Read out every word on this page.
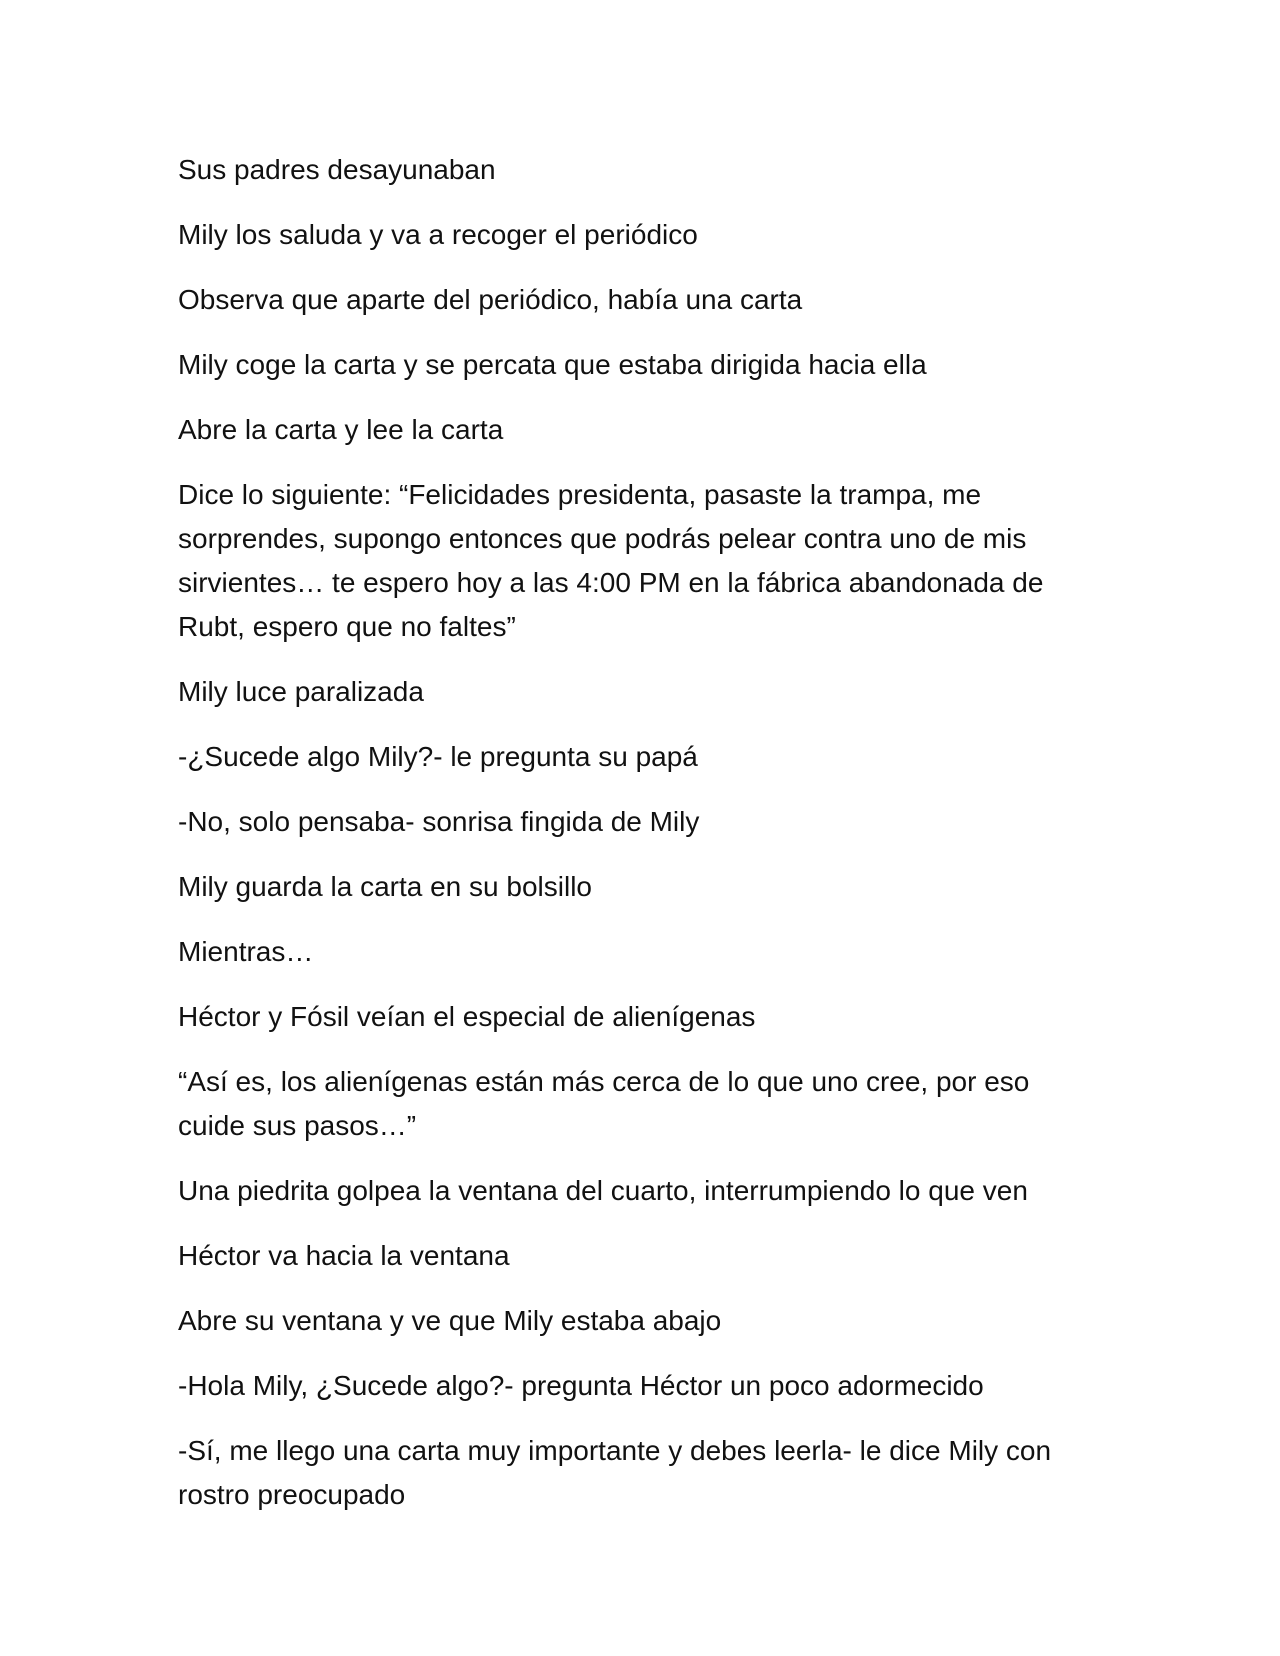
Sus padres desayunaban

Mily los saluda y va a recoger el periódico

Observa que aparte del periódico, había una carta

Mily coge la carta y se percata que estaba dirigida hacia ella

Abre la carta y lee la carta

Dice lo siguiente: “Felicidades presidenta, pasaste la trampa, me sorprendes, supongo entonces que podrás pelear contra uno de mis sirvientes… te espero hoy a las 4:00 PM en la fábrica abandonada de Rubt, espero que no faltes”

Mily luce paralizada

-¿Sucede algo Mily?- le pregunta su papá

-No, solo pensaba- sonrisa fingida de Mily

Mily guarda la carta en su bolsillo

Mientras…

Héctor y Fósil veían el especial de alienígenas

“Así es, los alienígenas están más cerca de lo que uno cree, por eso cuide sus pasos…”

Una piedrita golpea la ventana del cuarto, interrumpiendo lo que ven

Héctor va hacia la ventana

Abre su ventana y ve que Mily estaba abajo

-Hola Mily, ¿Sucede algo?- pregunta Héctor un poco adormecido

-Sí, me llego una carta muy importante y debes leerla- le dice Mily con rostro preocupado
